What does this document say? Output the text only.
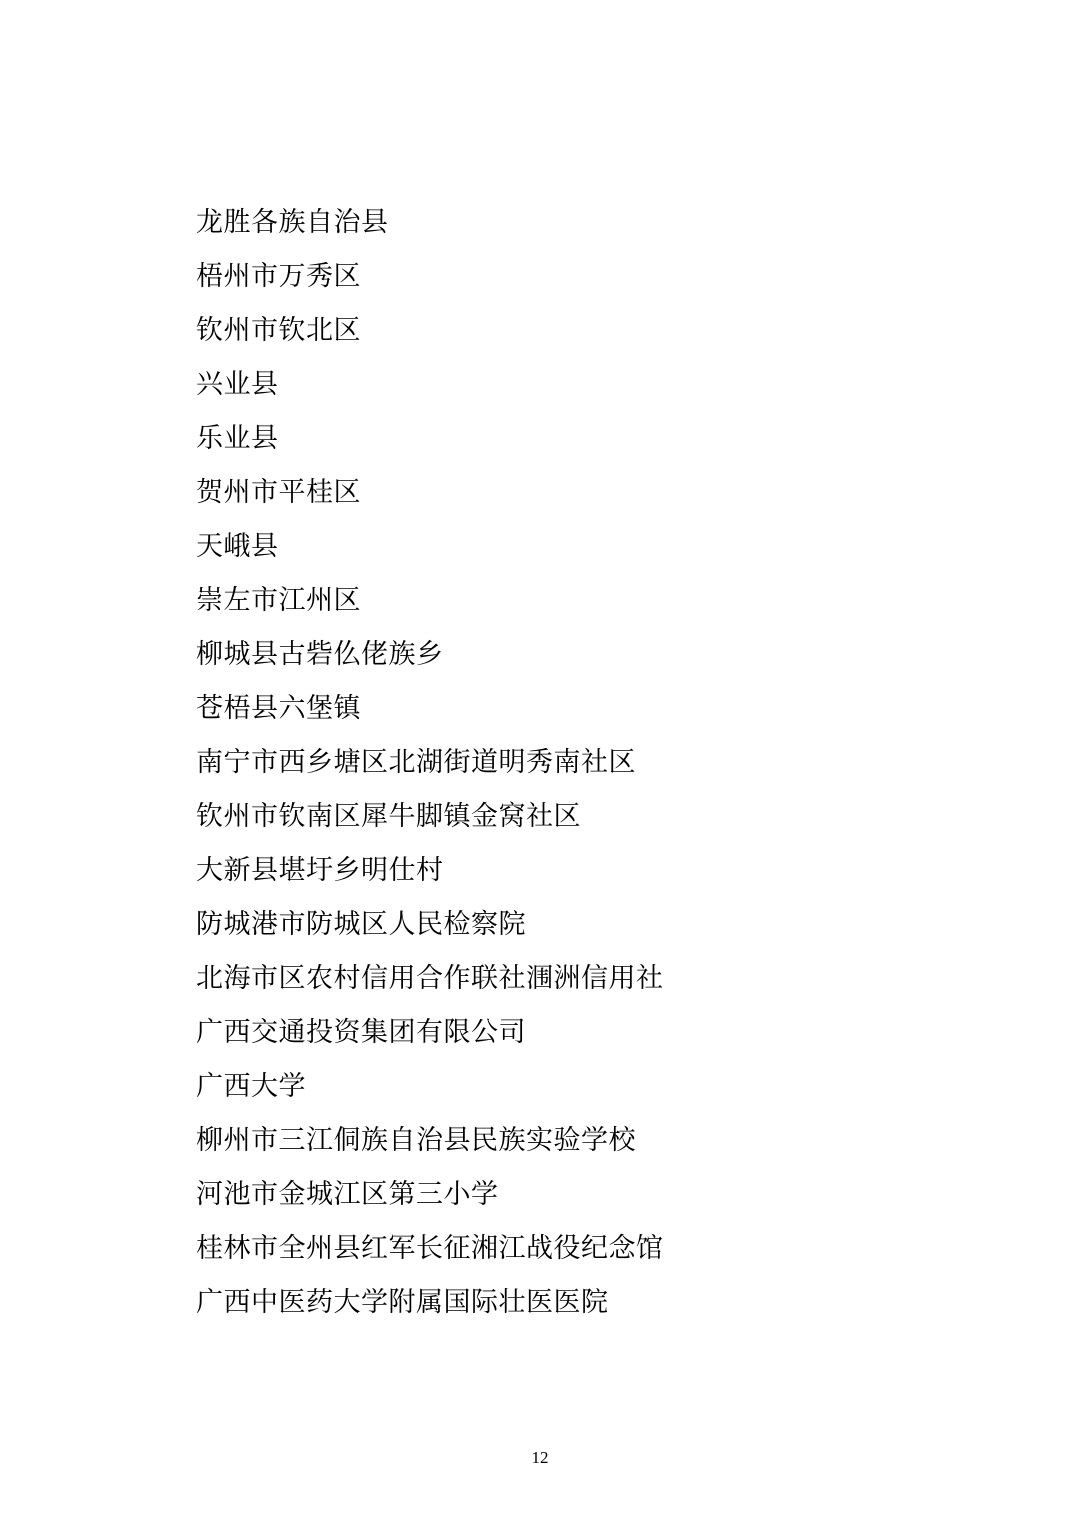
龙胜各族自治县
梧州市万秀区
钦州市钦北区
兴业县
乐业县
贺州市平桂区
天峨县
崇左市江州区
柳城县古砦仫佬族乡
苍梧县六堡镇
南宁市西乡塘区北湖街道明秀南社区
钦州市钦南区犀牛脚镇金窝社区
大新县堪圩乡明仕村
防城港市防城区人民检察院
北海市区农村信用合作联社涠洲信用社
广西交通投资集团有限公司
广西大学
柳州市三江侗族自治县民族实验学校
河池市金城江区第三小学
桂林市全州县红军长征湘江战役纪念馆
广西中医药大学附属国际壮医医院
12
